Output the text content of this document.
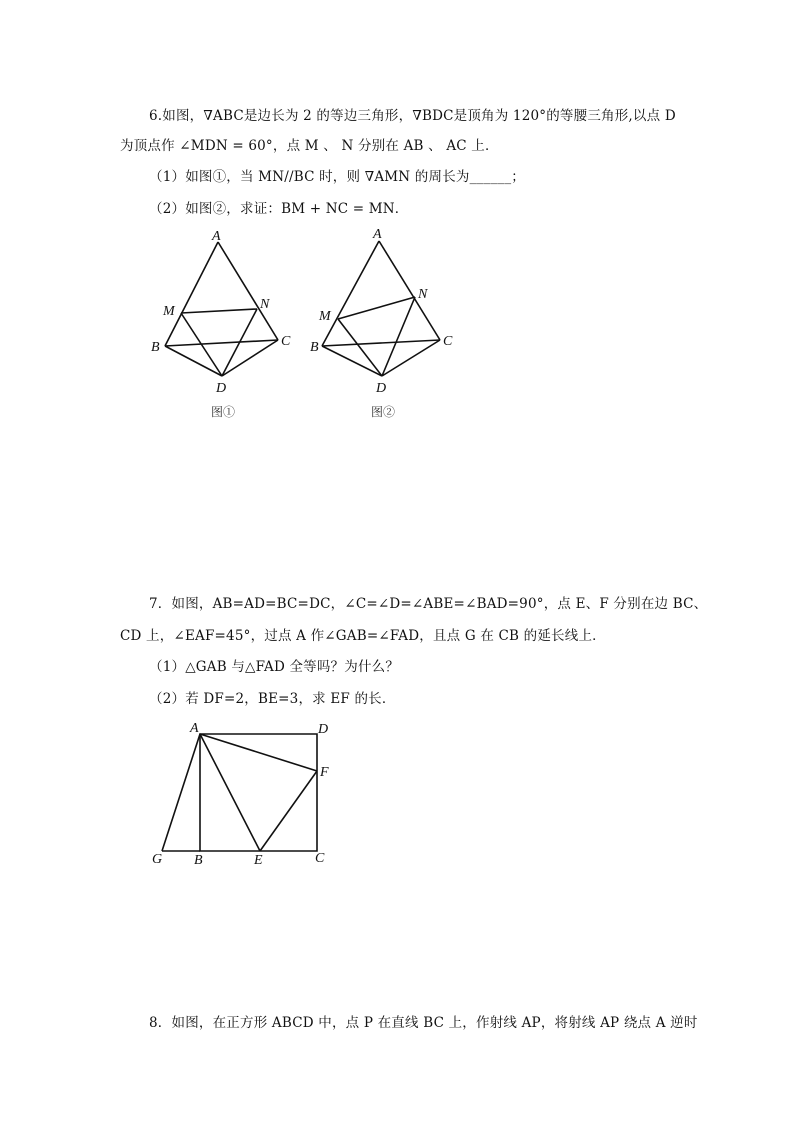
6.如图，∇ABC是边长为 2 的等边三角形，∇BDC是顶角为 120°的等腰三角形,以点 D
为顶点作 ∠MDN = 60°，点 M 、 N 分别在 AB 、 AC 上．
（1）如图①，当 MN//BC 时，则 ∇AMN 的周长为______；
（2）如图②，求证：BM + NC = MN．
A
M	N
B	C
D
图①
A
M
N
B	C
D
图②
7．如图，AB=AD=BC=DC，∠C=∠D=∠ABE=∠BAD=90°，点 E、F 分别在边 BC、
CD 上，∠EAF=45°，过点 A 作∠GAB=∠FAD，且点 G 在 CB 的延长线上．
（1）△GAB 与△FAD 全等吗？为什么？
（2）若 DF=2，BE=3，求 EF 的长．
A	D
F
G B	E	C
8．如图，在正方形 ABCD 中，点 P 在直线 BC 上，作射线 AP，将射线 AP 绕点 A 逆时
